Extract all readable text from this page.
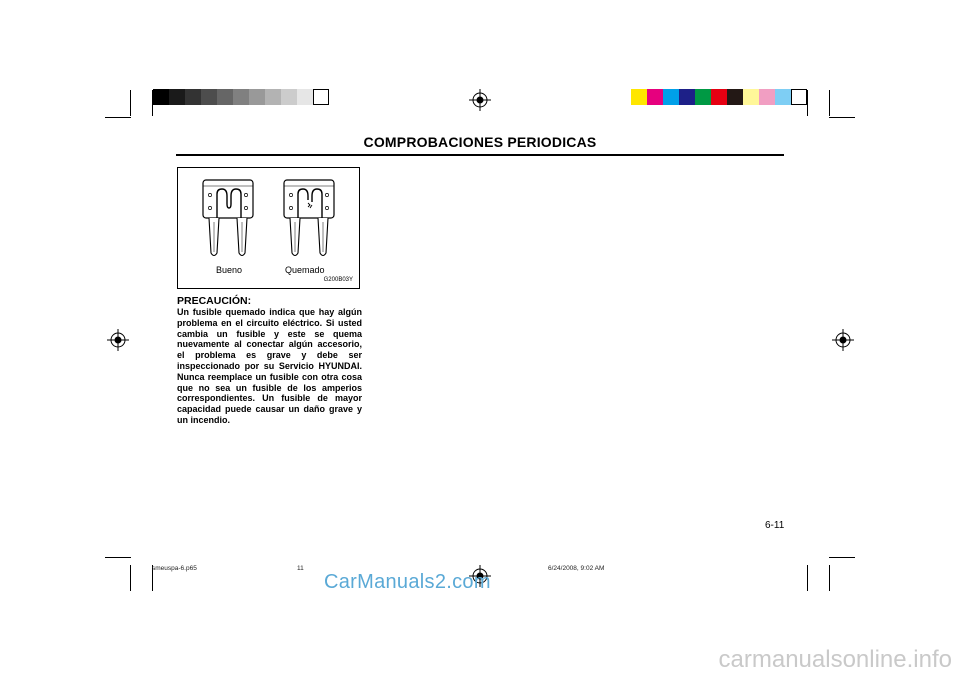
COMPROBACIONES PERIODICAS
Bueno	Quemado
G200B03Y
PRECAUCIÓN:
Un fusible quemado indica que hay algún problema en el circuito eléctrico. Si usted cambia un fusible y este se quema nuevamente al conectar algún accesorio, el problema es grave y debe ser inspeccionado por su Servicio HYUNDAI. Nunca reemplace un fusible con otra cosa que no sea un fusible de los amperios correspondientes. Un fusible de mayor capacidad puede causar un daño grave y un incendio.
6-11
smeuspa-6.p65	11	6/24/2008, 9:02 AM
CarManuals2.com
carmanualsonline.info
